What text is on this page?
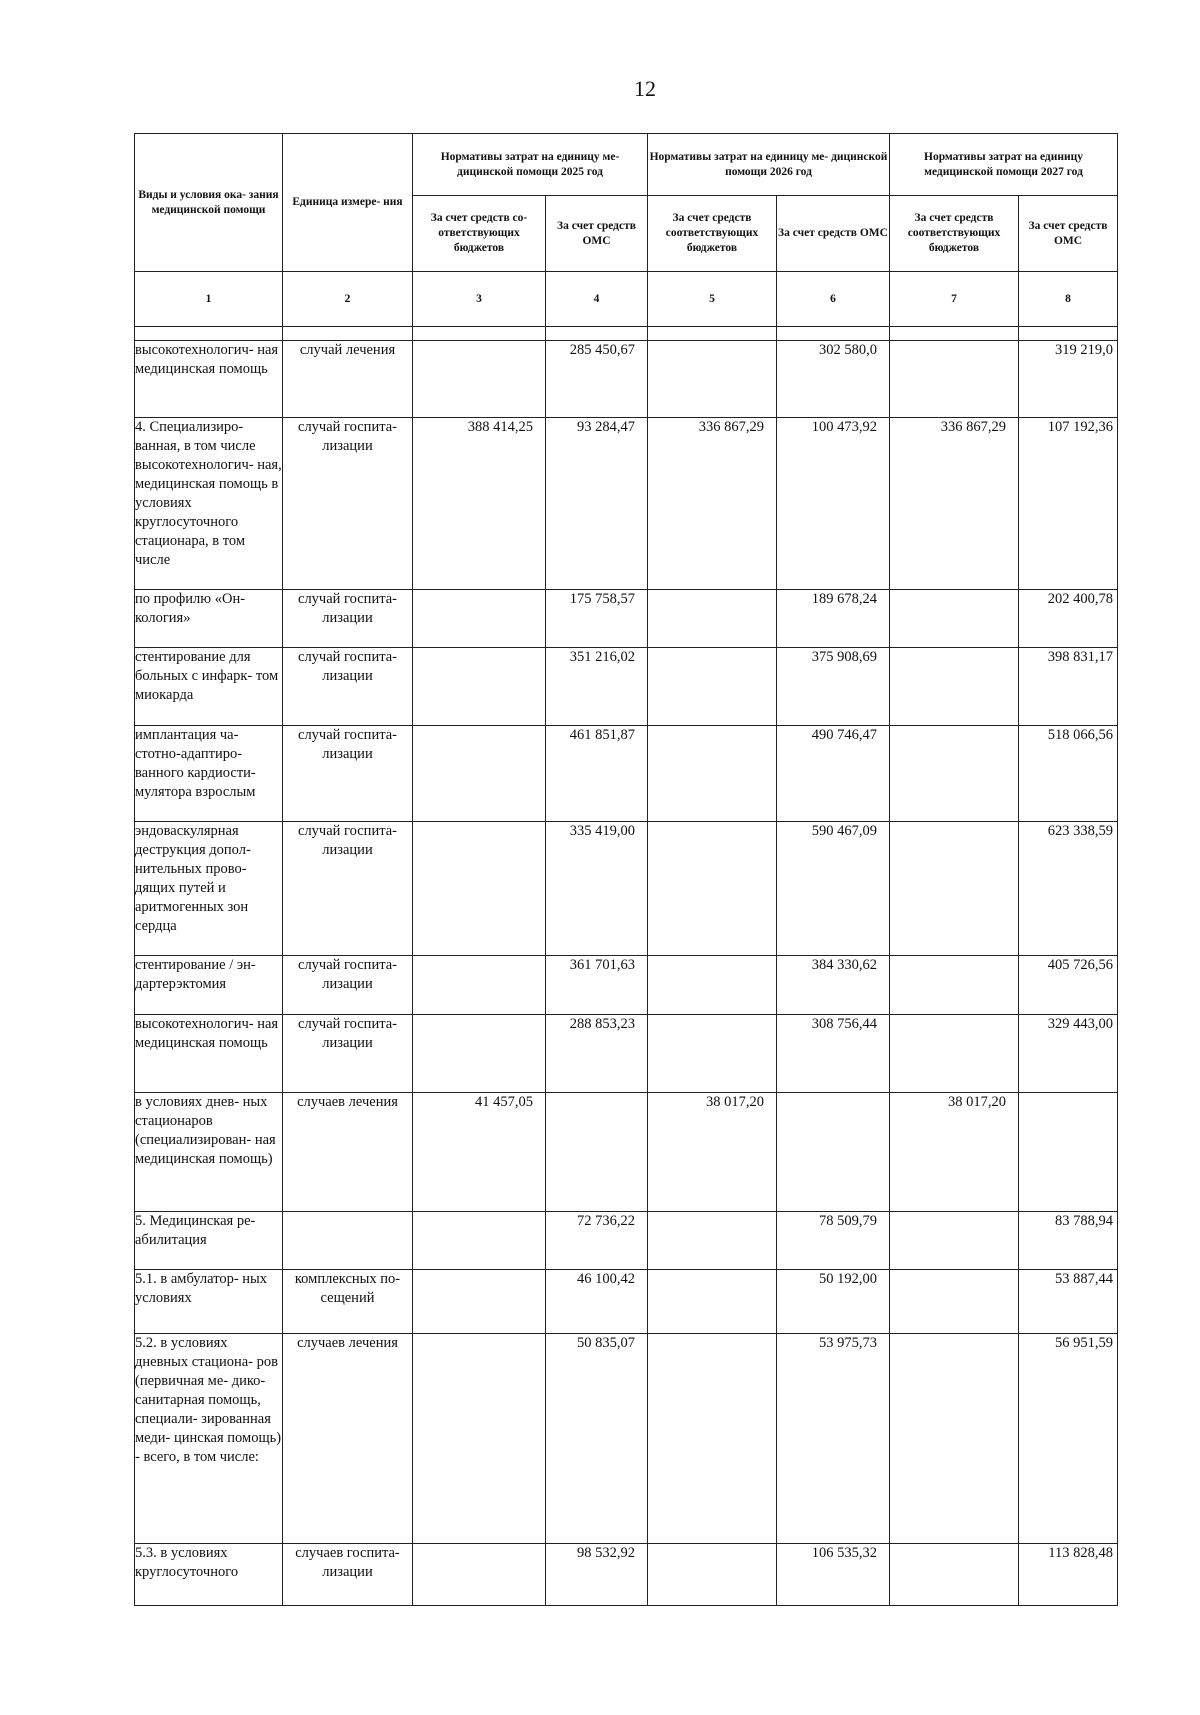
12
Виды и условия ока- зания медицинской помощи	Единица измере- ния	Нормативы затрат на единицу ме- дицинской помощи 2025 год		Нормативы затрат на единицу ме- дицинской помощи 2026 год		Нормативы затрат на единицу медицинской помощи 2027 год	
		За счет средств со- ответствующих бюджетов	За счет средств ОМС	За счет средств соответствующих бюджетов	За счет средств ОМС	За счет средств соответствующих бюджетов	За счет средств ОМС
1	2	3	4	5	6	7	8

высокотехнологич- ная медицинская помощь	случай лечения		285 450,67		302 580,0		319 219,0
4. Специализиро- ванная, в том числе высокотехнологич- ная, медицинская помощь в условиях круглосуточного стационара, в том числе	случай госпита- лизации	388 414,25	93 284,47	336 867,29	100 473,92	336 867,29	107 192,36
по профилю «Он- кология»	случай госпита- лизации		175 758,57		189 678,24		202 400,78
стентирование для больных с инфарк- том миокарда	случай госпита- лизации		351 216,02		375 908,69		398 831,17
имплантация ча- стотно-адаптиро- ванного кардиости- мулятора взрослым	случай госпита- лизации		461 851,87		490 746,47		518 066,56
эндоваскулярная деструкция допол- нительных прово- дящих путей и аритмогенных зон сердца	случай госпита- лизации		335 419,00		590 467,09		623 338,59
стентирование / эн- дартерэктомия	случай госпита- лизации		361 701,63		384 330,62		405 726,56
высокотехнологич- ная медицинская помощь	случай госпита- лизации		288 853,23		308 756,44		329 443,00
в условиях днев- ных стационаров (специализирован- ная медицинская помощь)	случаев лечения	41 457,05		38 017,20		38 017,20	
5. Медицинская ре- абилитация			72 736,22		78 509,79		83 788,94
5.1. в амбулатор- ных условиях	комплексных по- сещений		46 100,42		50 192,00		53 887,44
5.2. в условиях дневных стациона- ров (первичная ме- дико-санитарная помощь, специали- зированная меди- цинская помощь) - всего, в том числе:	случаев лечения		50 835,07		53 975,73		56 951,59
5.3. в условиях круглосуточного	случаев госпита- лизации		98 532,92		106 535,32		113 828,48
